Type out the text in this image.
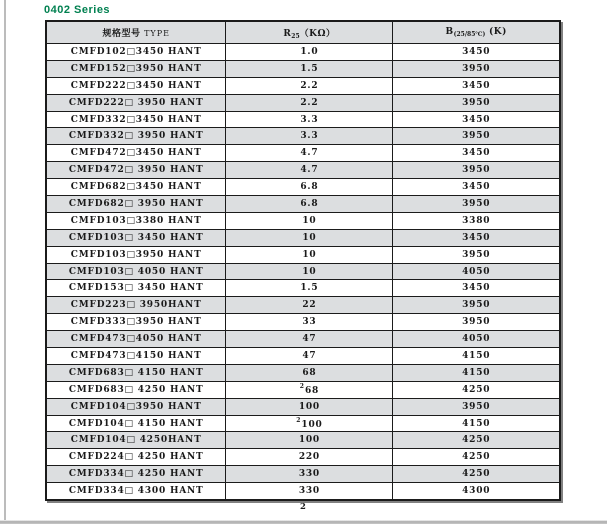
0402 Series
规格型号 TYPE	$R_{25}(K\Omega)$	$B_{(25/85℃)}$ (K)
CMFD102□3450 HANT	1.0	3450
CMFD152□3950 HANT	1.5	3950
CMFD222□3450 HANT	2.2	3450
CMFD222□ 3950 HANT	2.2	3950
CMFD332□3450 HANT	3.3	3450
CMFD332□ 3950 HANT	3.3	3950
CMFD472□3450 HANT	4.7	3450
CMFD472□ 3950 HANT	4.7	3950
CMFD682□3450 HANT	6.8	3450
CMFD682□ 3950 HANT	6.8	3950
CMFD103□3380 HANT	10	3380
CMFD103□ 3450 HANT	10	3450
CMFD103□3950 HANT	10	3950
CMFD103□ 4050 HANT	10	4050
CMFD153□ 3450 HANT	1.5	3450
CMFD223□ 3950HANT	22	3950
CMFD333□3950 HANT	33	3950
CMFD473□4050 HANT	47	4050
CMFD473□4150 HANT	47	4150
CMFD683□ 4150 HANT	68	4150
CMFD683□ 4250 HANT	$^2$68	4250
CMFD104□3950 HANT	100	3950
CMFD104□ 4150 HANT	$^2$100	4150
CMFD104□ 4250HANT	100	4250
CMFD224□ 4250 HANT	220	4250
CMFD334□ 4250 HANT	330	4250
CMFD334□ 4300 HANT	330	4300
2
